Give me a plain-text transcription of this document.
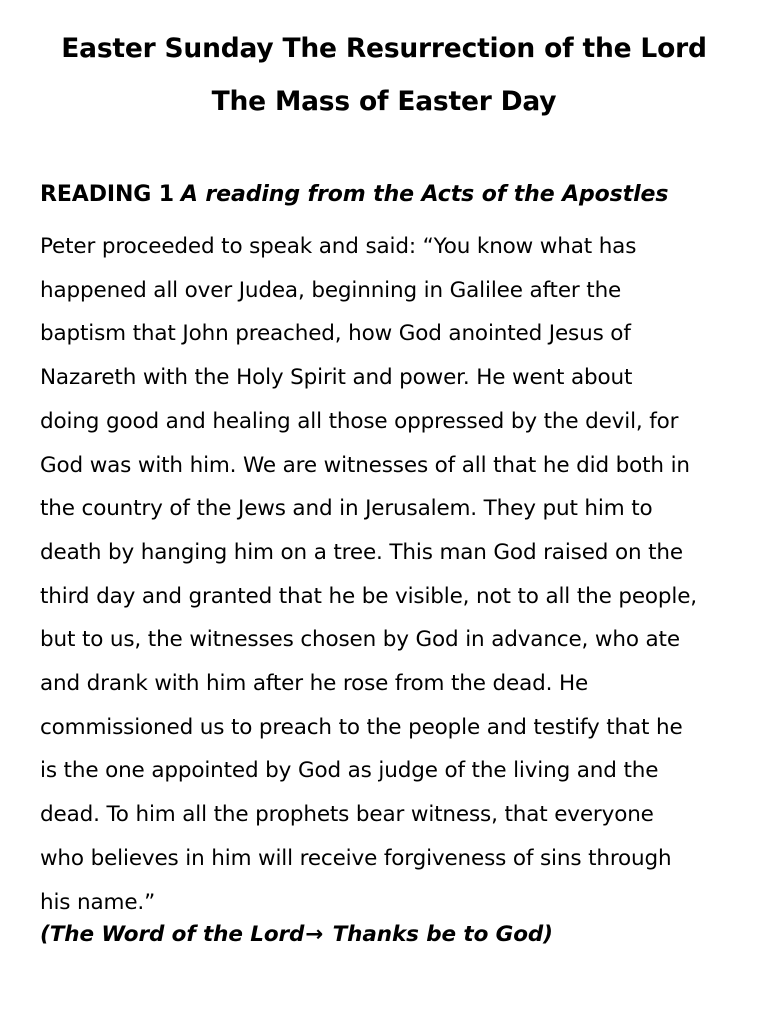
Easter Sunday The Resurrection of the Lord
The Mass of Easter Day

READING 1 A reading from the Acts of the Apostles

Peter proceeded to speak and said: “You know what has
happened all over Judea, beginning in Galilee after the
baptism that John preached, how God anointed Jesus of
Nazareth with the Holy Spirit and power. He went about
doing good and healing all those oppressed by the devil, for
God was with him. We are witnesses of all that he did both in
the country of the Jews and in Jerusalem. They put him to
death by hanging him on a tree. This man God raised on the
third day and granted that he be visible, not to all the people,
but to us, the witnesses chosen by God in advance, who ate
and drank with him after he rose from the dead. He
commissioned us to preach to the people and testify that he
is the one appointed by God as judge of the living and the
dead. To him all the prophets bear witness, that everyone
who believes in him will receive forgiveness of sins through
his name.”

(The Word of the Lord→ Thanks be to God)
